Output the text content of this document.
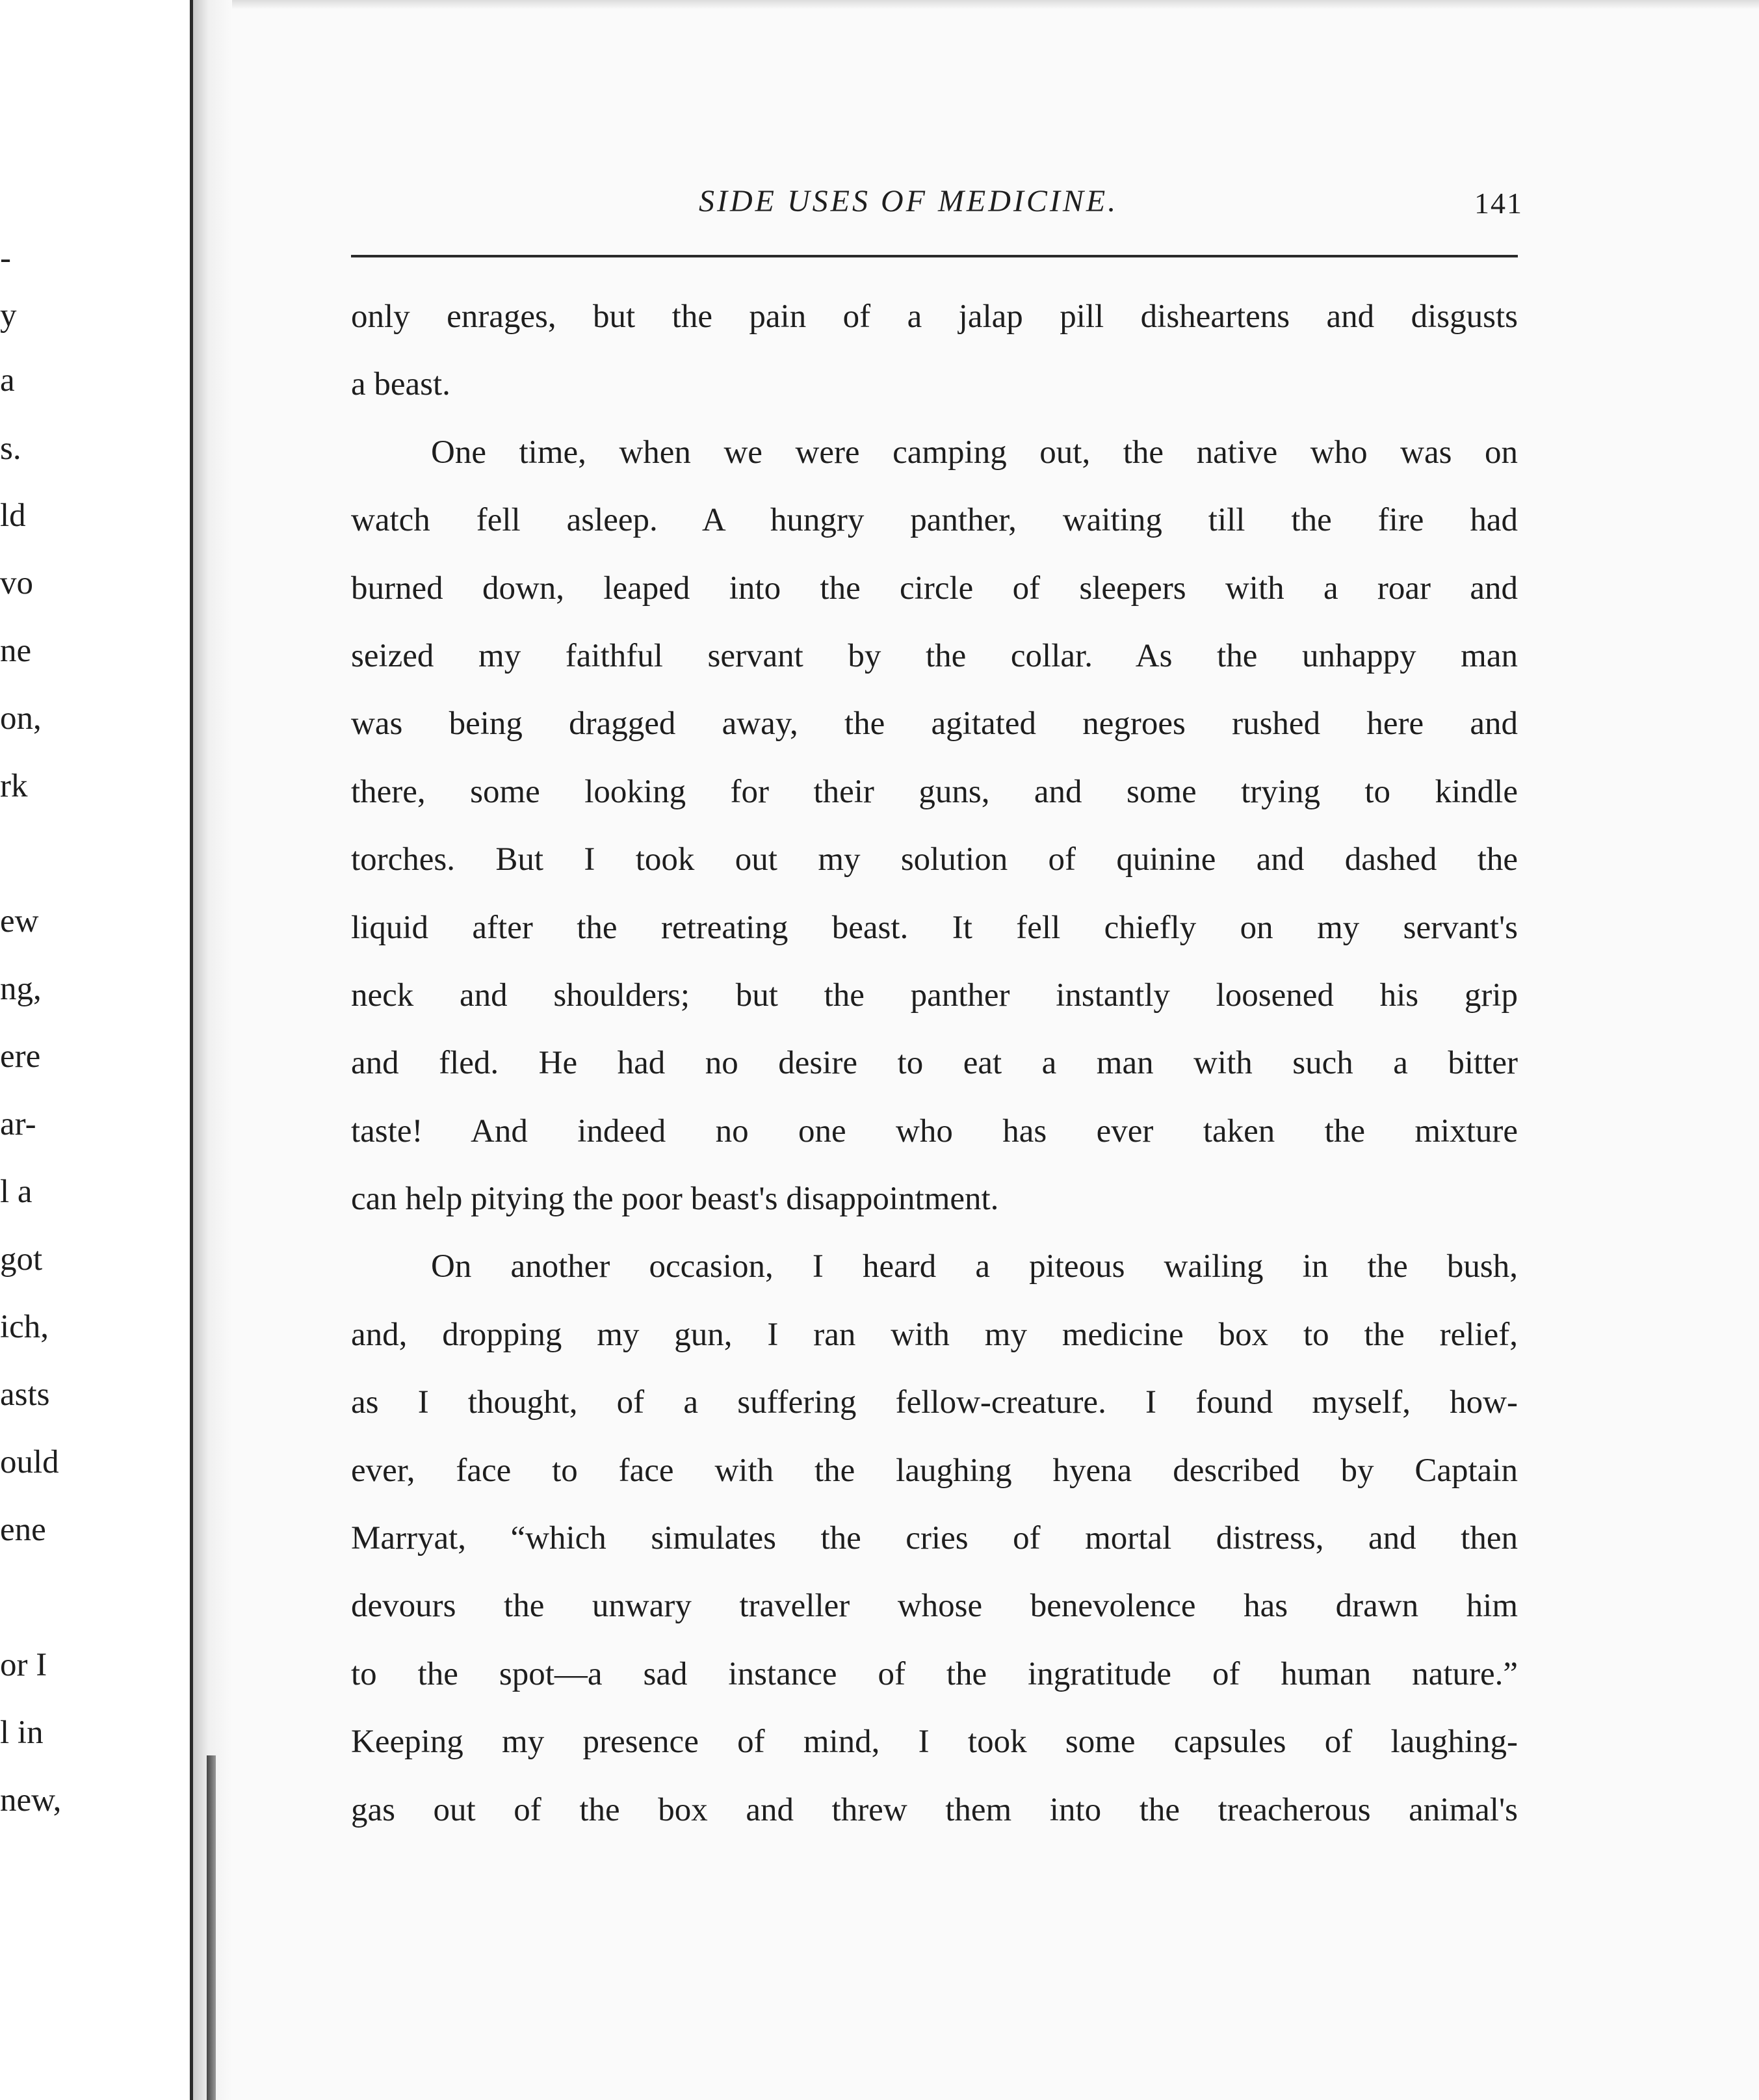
-
y
a
s.
ld
vo
ne
on,
rk
ew
ng,
ere
ar-
l a
got
ich,
asts
ould
ene
or I
l in
new,
SIDE USES OF MEDICINE.	141
only enrages, but the pain of a jalap pill disheartens and disgusts
a beast.
One time, when we were camping out, the native who was on
watch fell asleep. A hungry panther, waiting till the fire had
burned down, leaped into the circle of sleepers with a roar and
seized my faithful servant by the collar. As the unhappy man
was being dragged away, the agitated negroes rushed here and
there, some looking for their guns, and some trying to kindle
torches. But I took out my solution of quinine and dashed the
liquid after the retreating beast. It fell chiefly on my servant's
neck and shoulders; but the panther instantly loosened his grip
and fled. He had no desire to eat a man with such a bitter
taste! And indeed no one who has ever taken the mixture
can help pitying the poor beast's disappointment.
On another occasion, I heard a piteous wailing in the bush,
and, dropping my gun, I ran with my medicine box to the relief,
as I thought, of a suffering fellow-creature. I found myself, how-
ever, face to face with the laughing hyena described by Captain
Marryat, “which simulates the cries of mortal distress, and then
devours the unwary traveller whose benevolence has drawn him
to the spot—a sad instance of the ingratitude of human nature.”
Keeping my presence of mind, I took some capsules of laughing-
gas out of the box and threw them into the treacherous animal's
